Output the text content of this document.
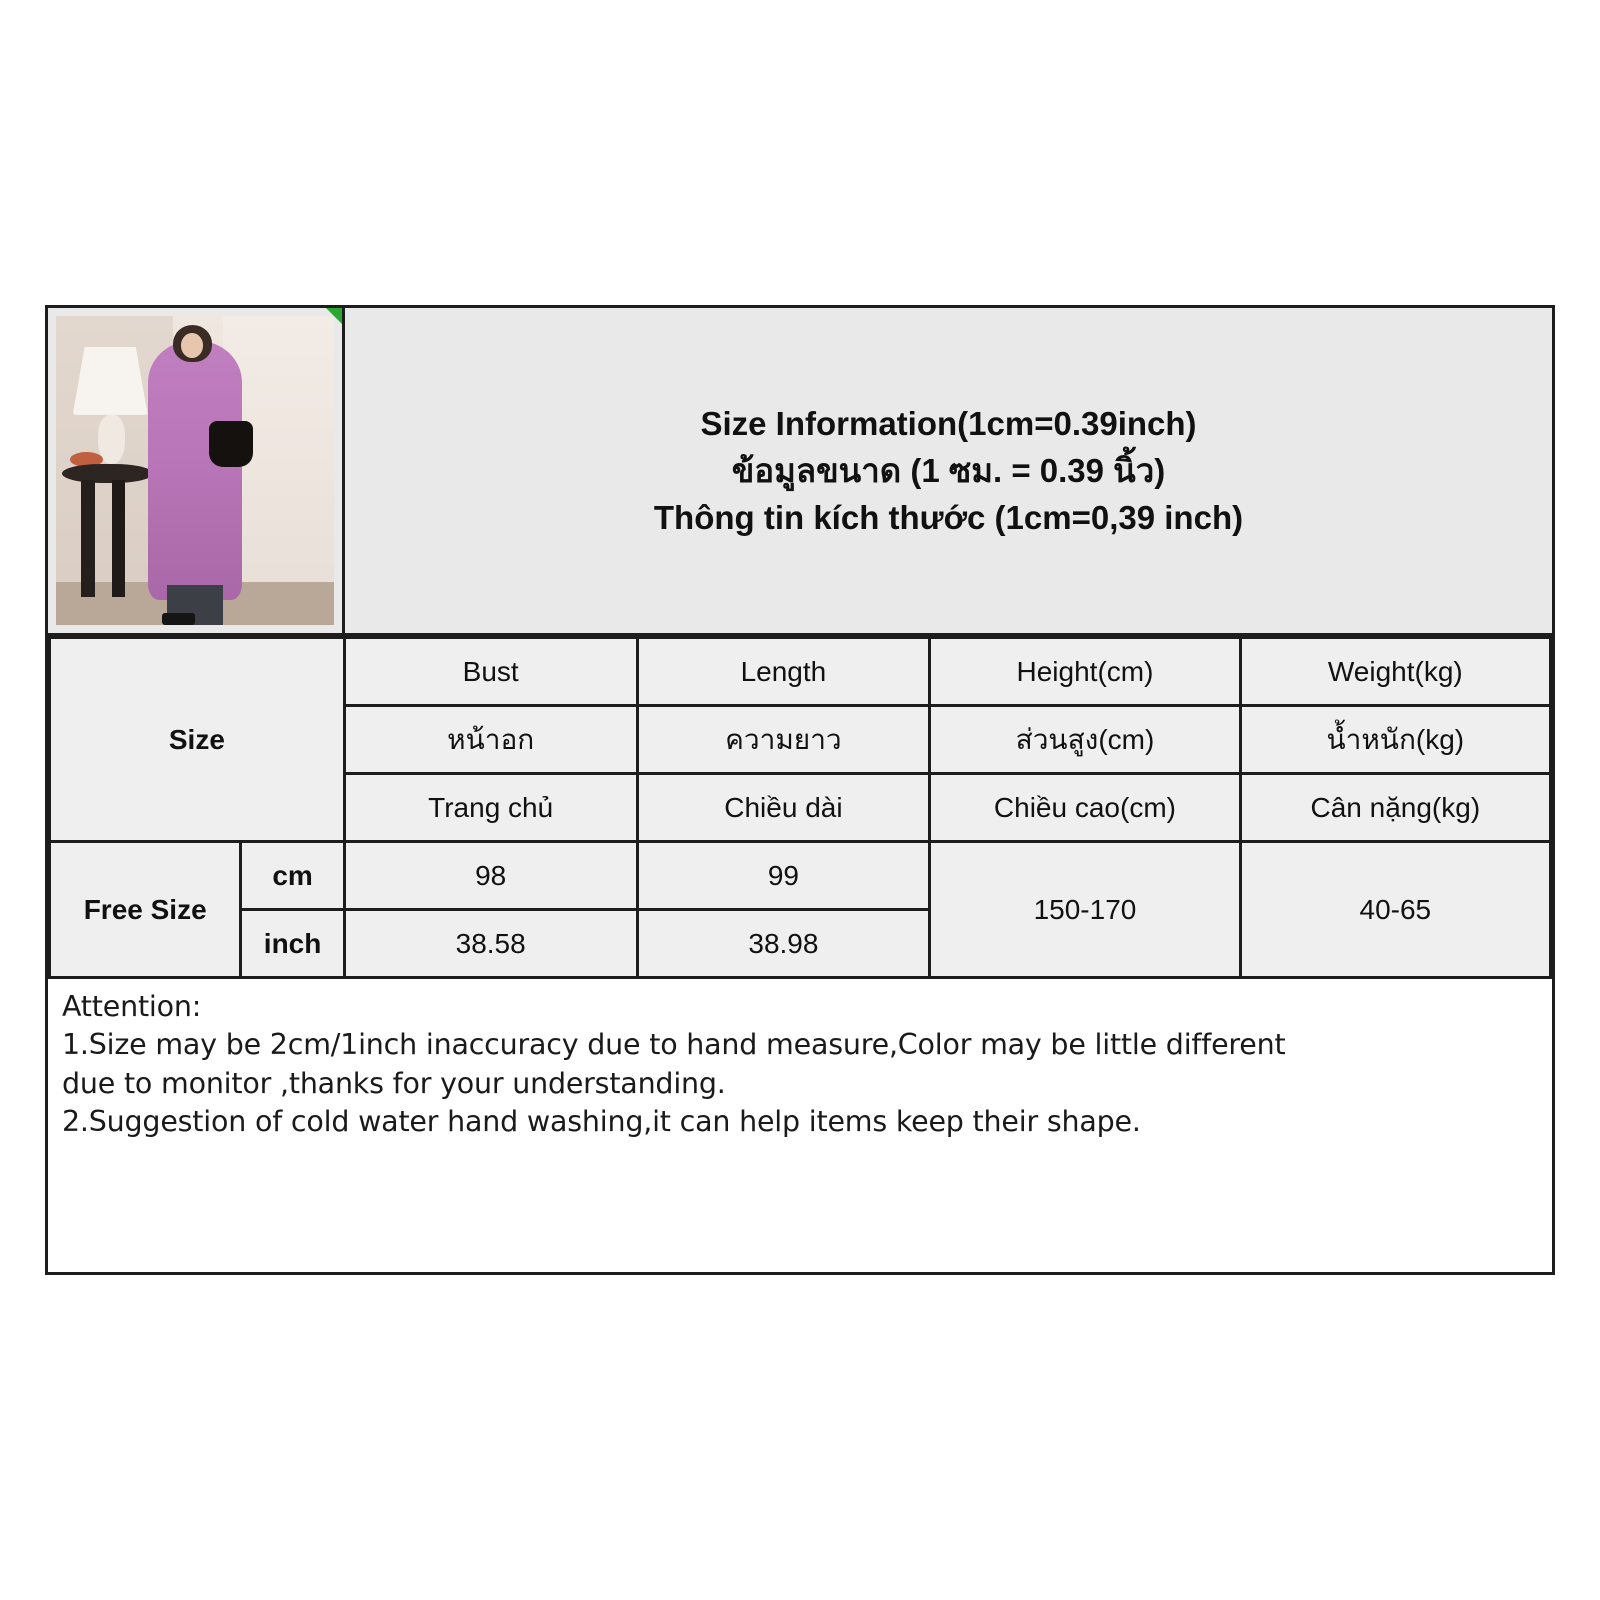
Size Information(1cm=0.39inch)
ข้อมูลขนาด (1 ซม. = 0.39 นิ้ว)
Thông tin kích thước (1cm=0,39 inch)
Size		Bust	Length	Height(cm)	Weight(kg)
		หน้าอก	ความยาว	ส่วนสูง(cm)	น้ำหนัก(kg)
		Trang chủ	Chiều dài	Chiều cao(cm)	Cân nặng(kg)
Free Size	cm	98	99	150-170	40-65
	inch	38.58	38.98		

Attention:

1.Size may be 2cm/1inch inaccuracy due to hand measure,Color may be little different

due to monitor ,thanks for your understanding.

2.Suggestion of cold water hand washing,it can help items keep their shape.
